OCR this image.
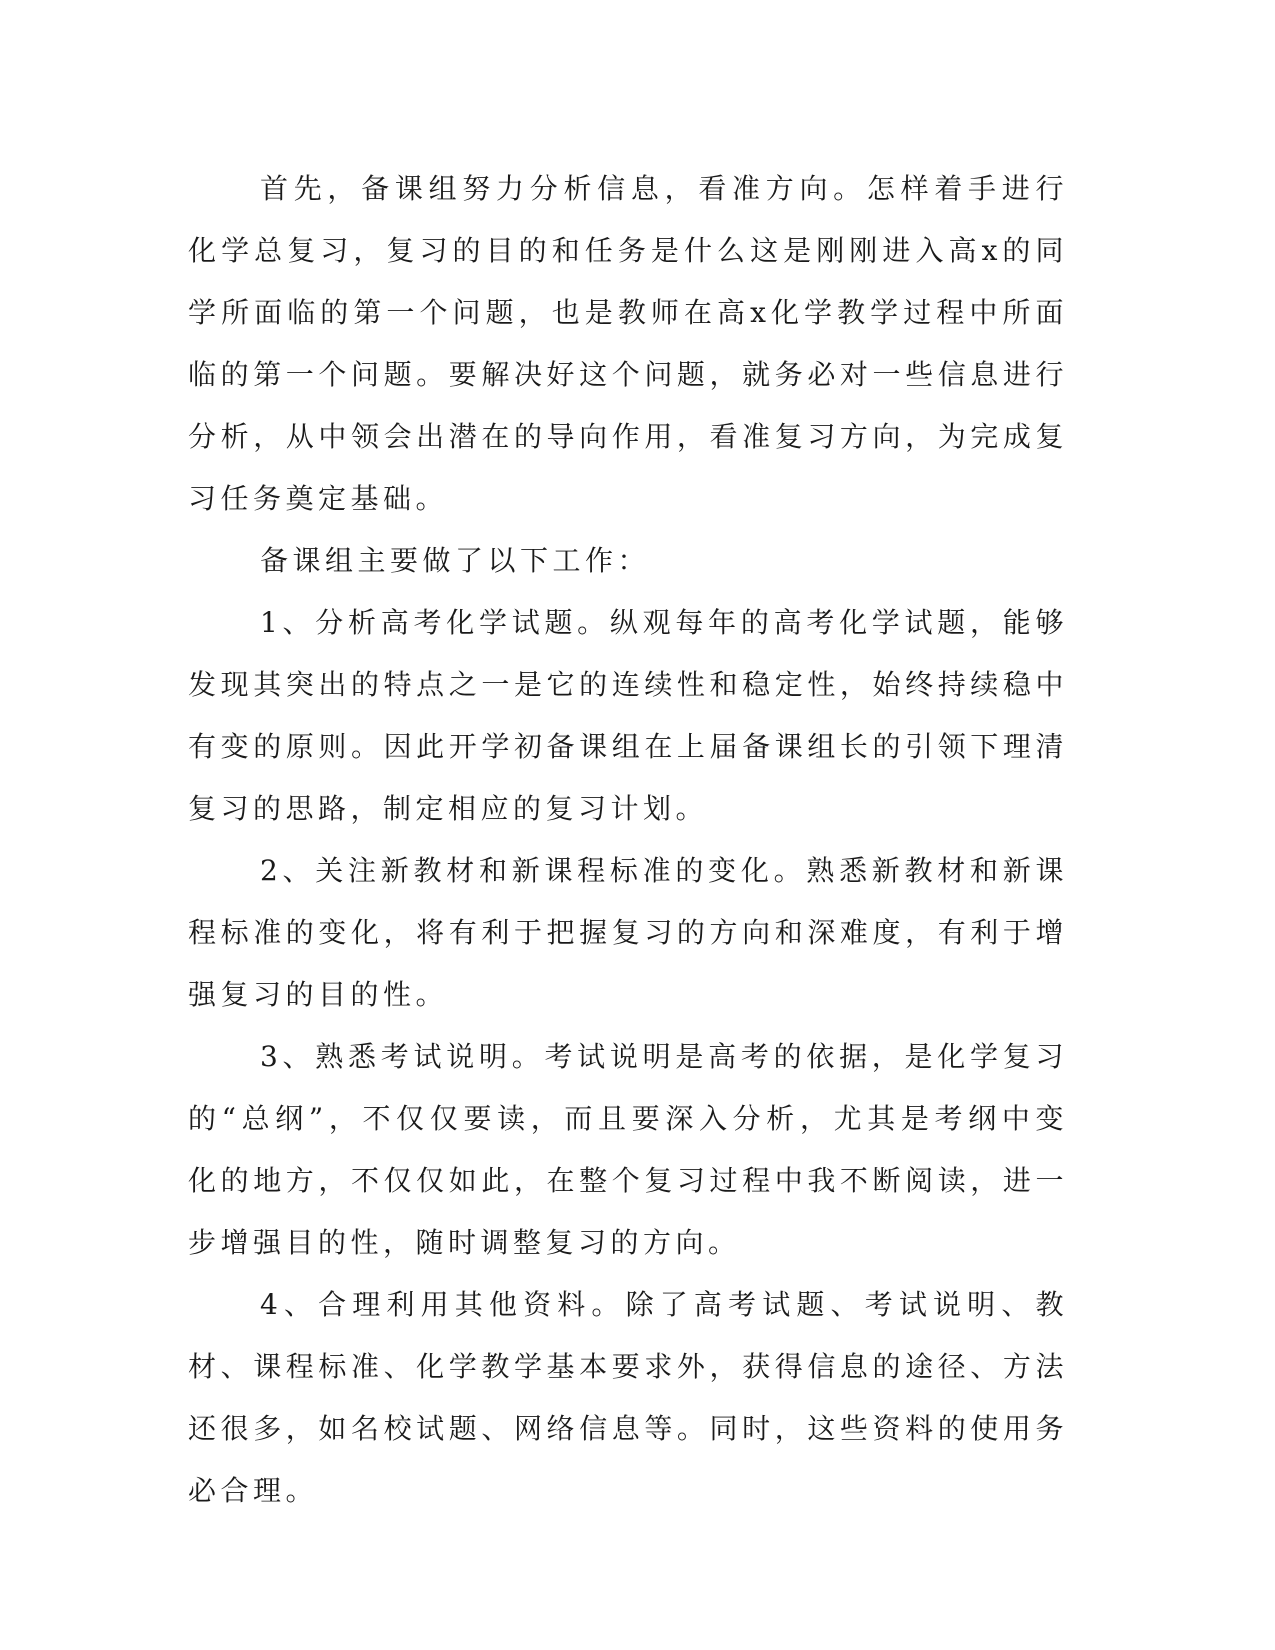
首先，备课组努力分析信息，看准方向。怎样着手进行化学总复习，复习的目的和任务是什么这是刚刚进入高x的同学所面临的第一个问题，也是教师在高x化学教学过程中所面临的第一个问题。要解决好这个问题，就务必对一些信息进行分析，从中领会出潜在的导向作用，看准复习方向，为完成复习任务奠定基础。

备课组主要做了以下工作：

1、分析高考化学试题。纵观每年的高考化学试题，能够发现其突出的特点之一是它的连续性和稳定性，始终持续稳中有变的原则。因此开学初备课组在上届备课组长的引领下理清复习的思路，制定相应的复习计划。

2、关注新教材和新课程标准的变化。熟悉新教材和新课程标准的变化，将有利于把握复习的方向和深难度，有利于增强复习的目的性。

3、熟悉考试说明。考试说明是高考的依据，是化学复习的“总纲”，不仅仅要读，而且要深入分析，尤其是考纲中变化的地方，不仅仅如此，在整个复习过程中我不断阅读，进一步增强目的性，随时调整复习的方向。

4、合理利用其他资料。除了高考试题、考试说明、教材、课程标准、化学教学基本要求外，获得信息的途径、方法还很多，如名校试题、网络信息等。同时，这些资料的使用务必合理。
